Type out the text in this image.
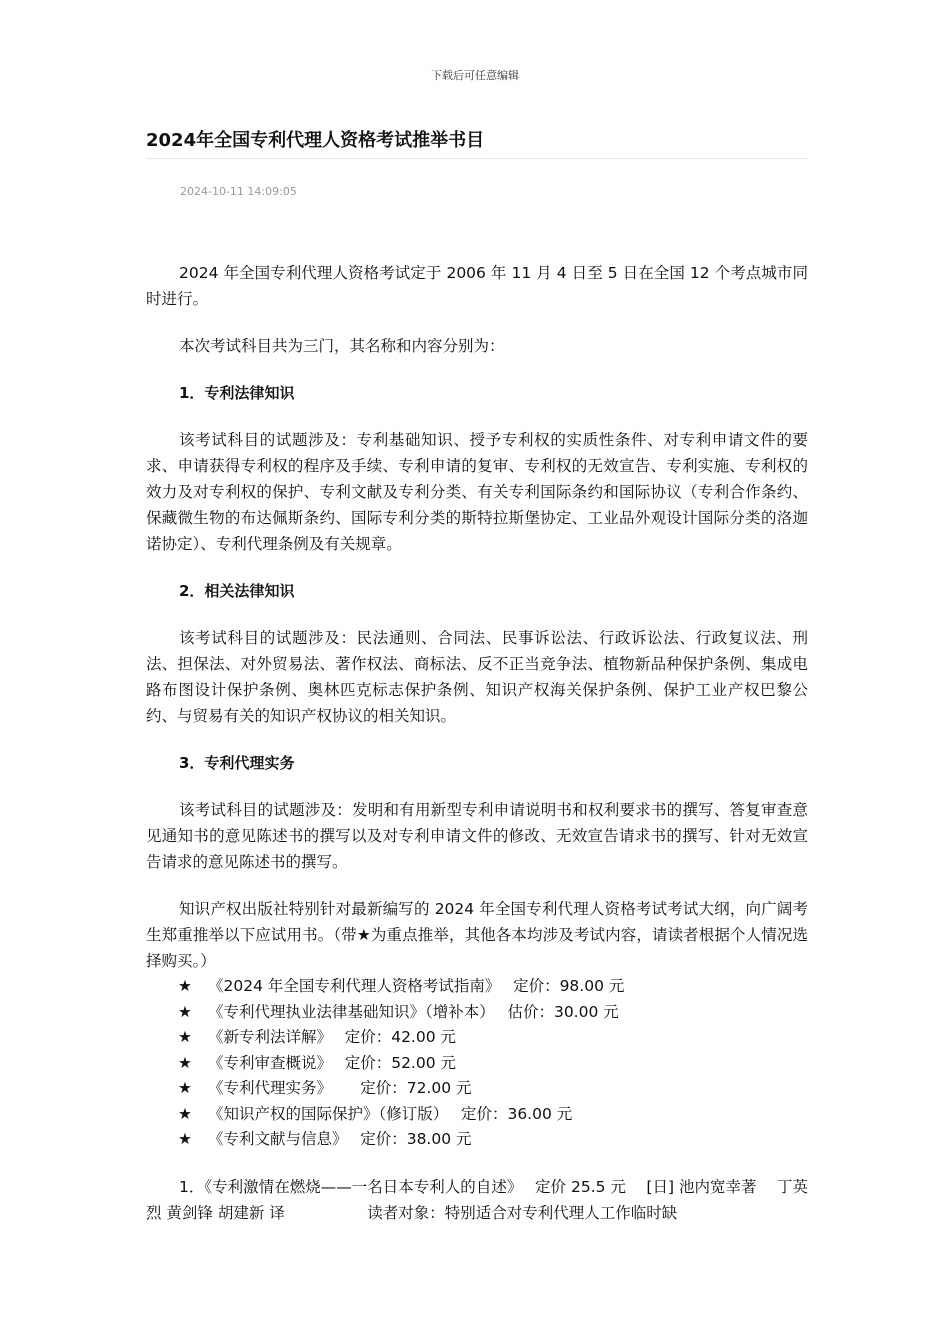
下载后可任意编辑
2024年全国专利代理人资格考试推举书目
2024-10-11 14:09:05

2024 年全国专利代理人资格考试定于 2006 年 11 月 4 日至 5 日在全国 12 个考点城市同时进行。

本次考试科目共为三门，其名称和内容分别为：

1．专利法律知识

该考试科目的试题涉及：专利基础知识、授予专利权的实质性条件、对专利申请文件的要求、申请获得专利权的程序及手续、专利申请的复审、专利权的无效宣告、专利实施、专利权的效力及对专利权的保护、专利文献及专利分类、有关专利国际条约和国际协议（专利合作条约、保藏微生物的布达佩斯条约、国际专利分类的斯特拉斯堡协定、工业品外观设计国际分类的洛迦诺协定）、专利代理条例及有关规章。

2．相关法律知识

该考试科目的试题涉及：民法通则、合同法、民事诉讼法、行政诉讼法、行政复议法、刑法、担保法、对外贸易法、著作权法、商标法、反不正当竞争法、植物新品种保护条例、集成电路布图设计保护条例、奥林匹克标志保护条例、知识产权海关保护条例、保护工业产权巴黎公约、与贸易有关的知识产权协议的相关知识。

3．专利代理实务

该考试科目的试题涉及：发明和有用新型专利申请说明书和权利要求书的撰写、答复审查意见通知书的意见陈述书的撰写以及对专利申请文件的修改、无效宣告请求书的撰写、针对无效宣告请求的意见陈述书的撰写。

知识产权出版社特别针对最新编写的 2024 年全国专利代理人资格考试考试大纲，向广阔考生郑重推举以下应试用书。（带★为重点推举，其他各本均涉及考试内容，请读者根据个人情况选择购买。）

★ 《2024 年全国专利代理人资格考试指南》　 定价：98.00 元
★ 《专利代理执业法律基础知识》（增补本）　 估价：30.00 元
★ 《新专利法详解》　 定价：42.00 元
★ 《专利审查概说》　 定价：52.00 元
★ 《专利代理实务》　　 定价：72.00 元
★ 《知识产权的国际保护》（修订版）　 定价：36.00 元
★ 《专利文献与信息》　 定价：38.00 元

1．《专利激情在燃烧——一名日本专利人的自述》　 定价 25.5 元　 [日] 池内宽幸著　 丁英烈 黄剑锋 胡建新 译　　　　　 读者对象：特别适合对专利代理人工作临时缺
